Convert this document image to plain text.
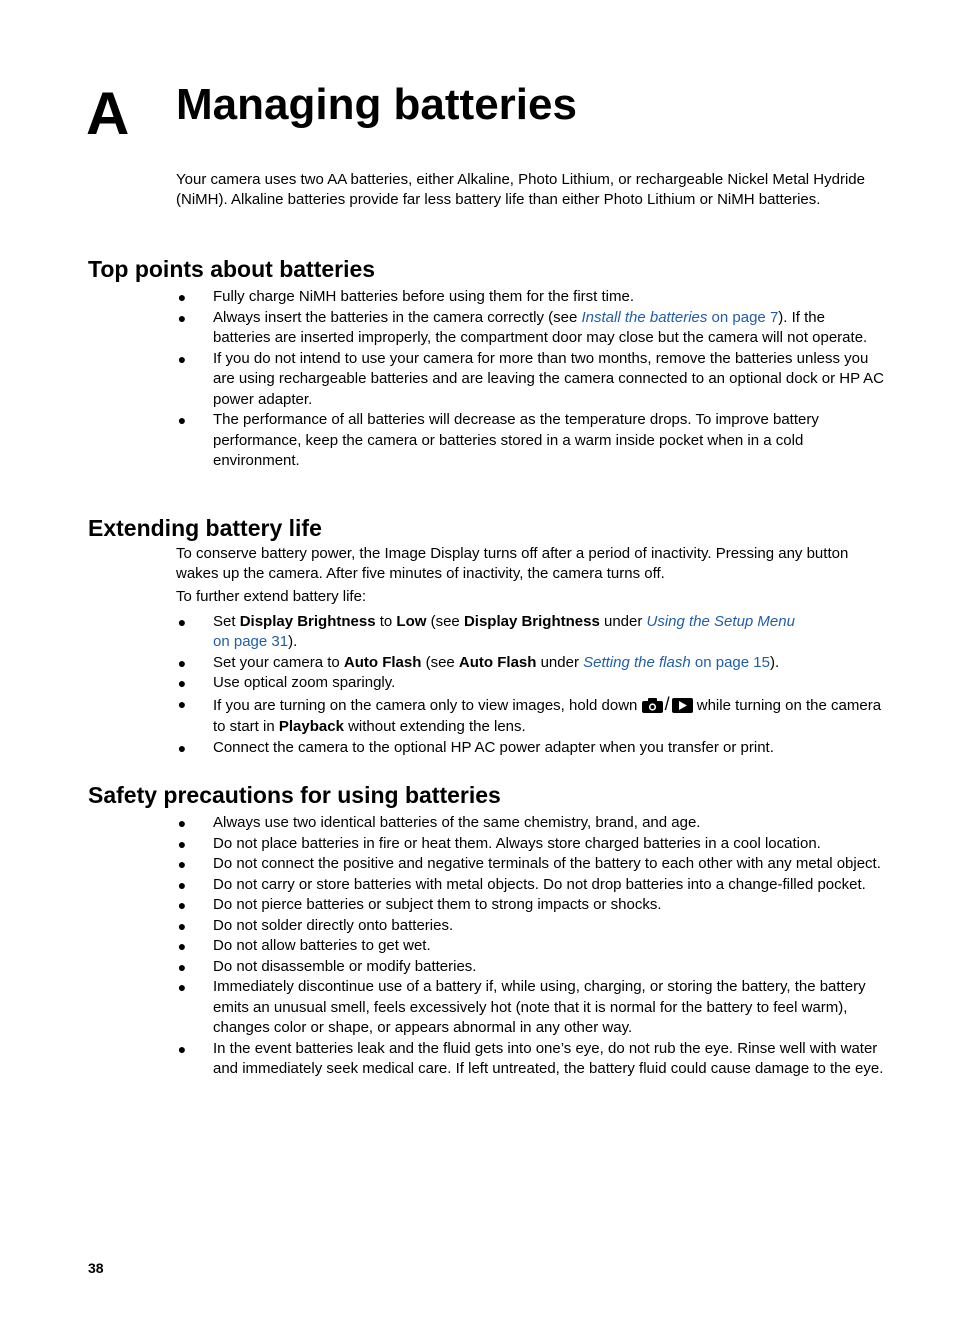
A Managing batteries

Your camera uses two AA batteries, either Alkaline, Photo Lithium, or rechargeable Nickel Metal Hydride (NiMH). Alkaline batteries provide far less battery life than either Photo Lithium or NiMH batteries.

Top points about batteries
● Fully charge NiMH batteries before using them for the first time.
● Always insert the batteries in the camera correctly (see Install the batteries on page 7). If the batteries are inserted improperly, the compartment door may close but the camera will not operate.
● If you do not intend to use your camera for more than two months, remove the batteries unless you are using rechargeable batteries and are leaving the camera connected to an optional dock or HP AC power adapter.
● The performance of all batteries will decrease as the temperature drops. To improve battery performance, keep the camera or batteries stored in a warm inside pocket when in a cold environment.
Extending battery life

To conserve battery power, the Image Display turns off after a period of inactivity. Pressing any button wakes up the camera. After five minutes of inactivity, the camera turns off.

To further extend battery life:

● Set Display Brightness to Low (see Display Brightness under Using the Setup Menu
on page 31).
● Set your camera to Auto Flash (see Auto Flash under Setting the flash on page 15).
● Use optical zoom sparingly.
● If you are turning on the camera only to view images, hold down / while turning on the camera to start in Playback without extending the lens.
● Connect the camera to the optional HP AC power adapter when you transfer or print.
Safety precautions for using batteries
● Always use two identical batteries of the same chemistry, brand, and age.
● Do not place batteries in fire or heat them. Always store charged batteries in a cool location.
● Do not connect the positive and negative terminals of the battery to each other with any metal object.
● Do not carry or store batteries with metal objects. Do not drop batteries into a change-filled pocket.
● Do not pierce batteries or subject them to strong impacts or shocks.
● Do not solder directly onto batteries.
● Do not allow batteries to get wet.
● Do not disassemble or modify batteries.
● Immediately discontinue use of a battery if, while using, charging, or storing the battery, the battery emits an unusual smell, feels excessively hot (note that it is normal for the battery to feel warm), changes color or shape, or appears abnormal in any other way.
● In the event batteries leak and the fluid gets into one’s eye, do not rub the eye. Rinse well with water and immediately seek medical care. If left untreated, the battery fluid could cause damage to the eye.
38
